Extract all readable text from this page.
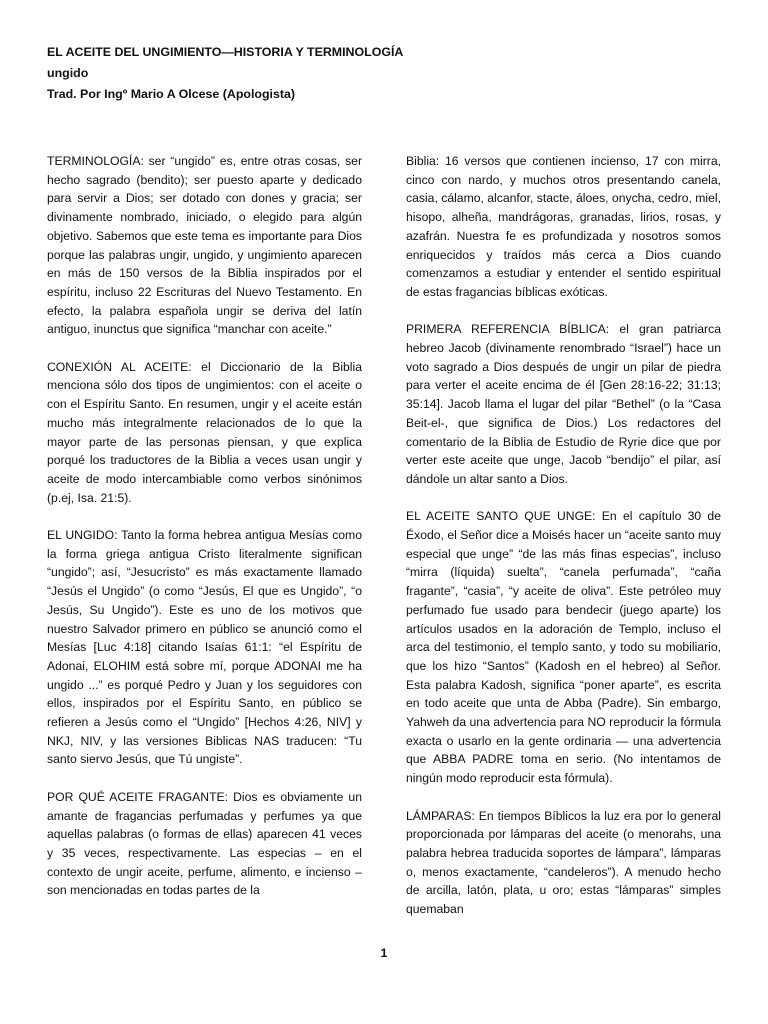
EL ACEITE DEL UNGIMIENTO—HISTORIA Y TERMINOLOGÍA
ungido
Trad. Por Ingº Mario A Olcese (Apologista)

TERMINOLOGÍA: ser “ungido” es, entre otras cosas, ser hecho sagrado (bendito); ser puesto aparte y dedicado para servir a Dios; ser dotado con dones y gracia; ser divinamente nombrado, iniciado, o elegido para algún objetivo. Sabemos que este tema es importante para Dios porque las palabras ungir, ungido, y ungimiento aparecen en más de 150 versos de la Biblia inspirados por el espíritu, incluso 22 Escrituras del Nuevo Testamento. En efecto, la palabra española ungir se deriva del latín antiguo, inunctus que significa “manchar con aceite.”

CONEXIÓN AL ACEITE: el Diccionario de la Biblia menciona sólo dos tipos de ungimientos: con el aceite o con el Espíritu Santo. En resumen, ungir y el aceite están mucho más integralmente relacionados de lo que la mayor parte de las personas piensan, y que explica porqué los traductores de la Biblia a veces usan ungir y aceite de modo intercambiable como verbos sinónimos (p.ej, Isa. 21:5).

EL UNGIDO: Tanto la forma hebrea antigua Mesías como la forma griega antigua Cristo literalmente significan “ungido”; así, “Jesucristo” es más exactamente llamado “Jesús el Ungido” (o como “Jesús, El que es Ungido”, “o Jesús, Su Ungido”). Este es uno de los motivos que nuestro Salvador primero en público se anunció como el Mesías [Luc 4:18] citando Isaías 61:1: “el Espíritu de Adonai, ELOHIM está sobre mí, porque ADONAI me ha ungido ...” es porqué Pedro y Juan y los seguidores con ellos, inspirados por el Espíritu Santo, en público se refieren a Jesús como el “Ungido” [Hechos 4:26, NIV] y NKJ, NIV, y las versiones Biblicas NAS traducen: “Tu santo siervo Jesús, que Tú ungiste”.

POR QUÉ ACEITE FRAGANTE: Dios es obviamente un amante de fragancias perfumadas y perfumes ya que aquellas palabras (o formas de ellas) aparecen 41 veces y 35 veces, respectivamente. Las especias – en el contexto de ungir aceite, perfume, alimento, e incienso – son mencionadas en todas partes de la

Biblia: 16 versos que contienen incienso, 17 con mirra, cinco con nardo, y muchos otros presentando canela, casia, cálamo, alcanfor, stacte, áloes, onycha, cedro, miel, hisopo, alheña, mandrágoras, granadas, lirios, rosas, y azafrán. Nuestra fe es profundizada y nosotros somos enriquecidos y traídos más cerca a Dios cuando comenzamos a estudiar y entender el sentido espiritual de estas fragancias bíblicas exóticas.

PRIMERA REFERENCIA BÍBLICA: el gran patriarca hebreo Jacob (divinamente renombrado “Israel”) hace un voto sagrado a Dios después de ungir un pilar de piedra para verter el aceite encima de él [Gen 28:16-22; 31:13; 35:14]. Jacob llama el lugar del pilar “Bethel” (o la “Casa Beit-el-, que significa de Dios.) Los redactores del comentario de la Biblia de Estudio de Ryrie dice que por verter este aceite que unge, Jacob “bendijo” el pilar, así dándole un altar santo a Dios.

EL ACEITE SANTO QUE UNGE: En el capítulo 30 de Éxodo, el Señor dice a Moisés hacer un “aceite santo muy especial que unge” “de las más finas especias”, incluso “mirra (líquida) suelta”, “canela perfumada”, “caña fragante”, “casia”, “y aceite de oliva”. Este petróleo muy perfumado fue usado para bendecir (juego aparte) los artículos usados en la adoración de Templo, incluso el arca del testimonio, el templo santo, y todo su mobiliario, que los hizo “Santos” (Kadosh en el hebreo) al Señor. Esta palabra Kadosh, significa “poner aparte”, es escrita en todo aceite que unta de Abba (Padre). Sin embargo, Yahweh da una advertencia para NO reproducir la fórmula exacta o usarlo en la gente ordinaria — una advertencia que ABBA PADRE toma en serio. (No intentamos de ningún modo reproducir esta fórmula).

LÁMPARAS: En tiempos Bíblicos la luz era por lo general proporcionada por lámparas del aceite (o menorahs, una palabra hebrea traducida soportes de lámpara”, lámparas o, menos exactamente, “candeleros”). A menudo hecho de arcilla, latón, plata, u oro; estas “lámparas” simples quemaban

1
